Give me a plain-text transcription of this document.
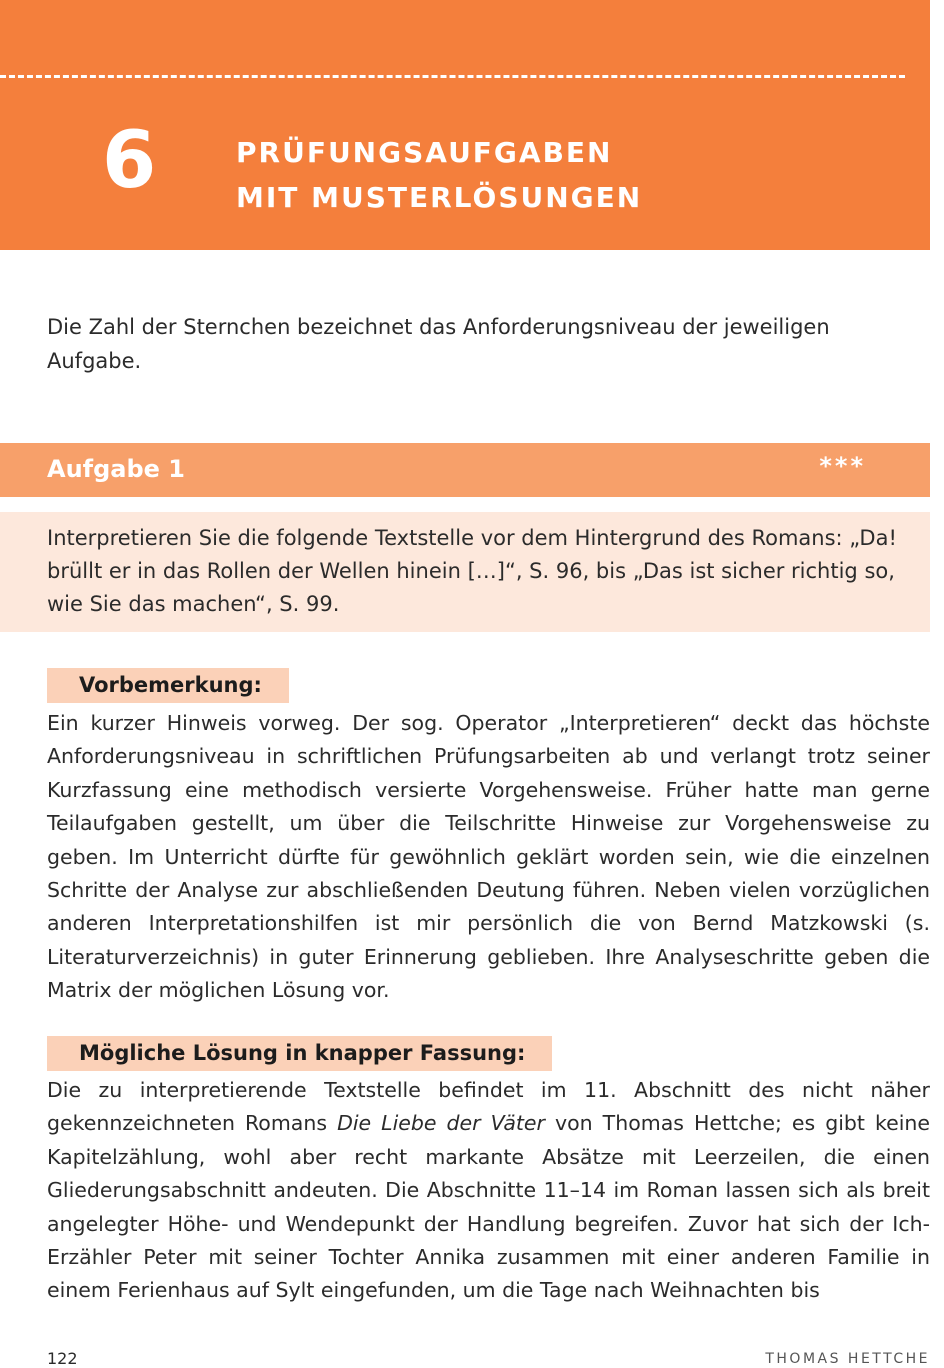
6	PRÜFUNGSAUFGABEN
MIT MUSTERLÖSUNGEN

Die Zahl der Sternchen bezeichnet das Anforderungsniveau der jeweiligen Aufgabe.

Aufgabe 1	***

Interpretieren Sie die folgende Textstelle vor dem Hintergrund des Romans: „Da! brüllt er in das Rollen der Wellen hinein […]“, S. 96, bis „Das ist sicher richtig so, wie Sie das machen“, S. 99.

Vorbemerkung:

Ein kurzer Hinweis vorweg. Der sog. Operator „Interpretieren“ deckt das höchste Anforderungsniveau in schriftlichen Prüfungsarbeiten ab und verlangt trotz seiner Kurzfassung eine methodisch versierte Vorgehensweise. Früher hatte man gerne Teilaufgaben gestellt, um über die Teilschritte Hinweise zur Vorgehensweise zu geben. Im Unterricht dürfte für gewöhnlich geklärt worden sein, wie die einzelnen Schritte der Analyse zur abschließenden Deutung führen. Neben vielen vorzüglichen anderen Interpretationshilfen ist mir persönlich die von Bernd Matzkowski (s. Literaturverzeichnis) in guter Erinnerung geblieben. Ihre Analyseschritte geben die Matrix der möglichen Lösung vor.

Mögliche Lösung in knapper Fassung:

Die zu interpretierende Textstelle befindet im 11. Abschnitt des nicht näher gekennzeichneten Romans Die Liebe der Väter von Thomas Hettche; es gibt keine Kapitelzählung, wohl aber recht markante Absätze mit Leerzeilen, die einen Gliederungsabschnitt andeuten. Die Abschnitte 11–14 im Roman lassen sich als breit angelegter Höhe- und Wendepunkt der Handlung begreifen. Zuvor hat sich der Ich-Erzähler Peter mit seiner Tochter Annika zusammen mit einer anderen Familie in einem Ferienhaus auf Sylt eingefunden, um die Tage nach Weihnachten bis

122	THOMAS HETTCHE
